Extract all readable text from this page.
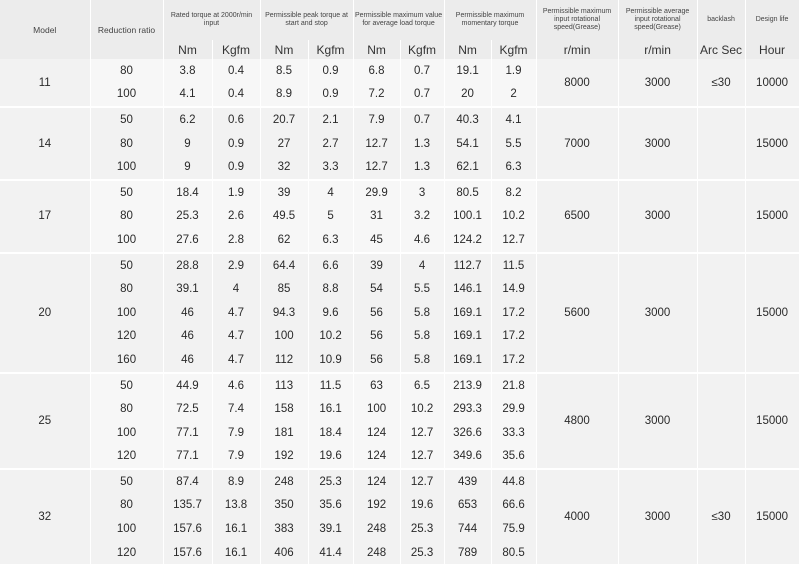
Model	Reduction ratio	Rated torque at 2000r/min input		Permissible peak torque at start and stop		Permissible maximum value for average load torque		Permissible maximum momentary torque		Permissible maximum input rotational speed(Grease)	Permissible average input rotational speed(Grease)	backlash	Design life
		Nm	Kgfm	Nm	Kgfm	Nm	Kgfm	Nm	Kgfm	r/min	r/min	Arc Sec	Hour
11	80	3.8	0.4	8.5	0.9	6.8	0.7	19.1	1.9	8000	3000	≤30	10000
	100	4.1	0.4	8.9	0.9	7.2	0.7	20	2				
14	50	6.2	0.6	20.7	2.1	7.9	0.7	40.3	4.1	7000	3000		15000
	80	9	0.9	27	2.7	12.7	1.3	54.1	5.5				
	100	9	0.9	32	3.3	12.7	1.3	62.1	6.3				
17	50	18.4	1.9	39	4	29.9	3	80.5	8.2	6500	3000		15000
	80	25.3	2.6	49.5	5	31	3.2	100.1	10.2				
	100	27.6	2.8	62	6.3	45	4.6	124.2	12.7				
20	50	28.8	2.9	64.4	6.6	39	4	112.7	11.5	5600	3000		15000
	80	39.1	4	85	8.8	54	5.5	146.1	14.9				
	100	46	4.7	94.3	9.6	56	5.8	169.1	17.2				
	120	46	4.7	100	10.2	56	5.8	169.1	17.2				
	160	46	4.7	112	10.9	56	5.8	169.1	17.2				
25	50	44.9	4.6	113	11.5	63	6.5	213.9	21.8	4800	3000		15000
	80	72.5	7.4	158	16.1	100	10.2	293.3	29.9				
	100	77.1	7.9	181	18.4	124	12.7	326.6	33.3				
	120	77.1	7.9	192	19.6	124	12.7	349.6	35.6				
32	50	87.4	8.9	248	25.3	124	12.7	439	44.8	4000	3000	≤30	15000
	80	135.7	13.8	350	35.6	192	19.6	653	66.6				
	100	157.6	16.1	383	39.1	248	25.3	744	75.9				
	120	157.6	16.1	406	41.4	248	25.3	789	80.5				
